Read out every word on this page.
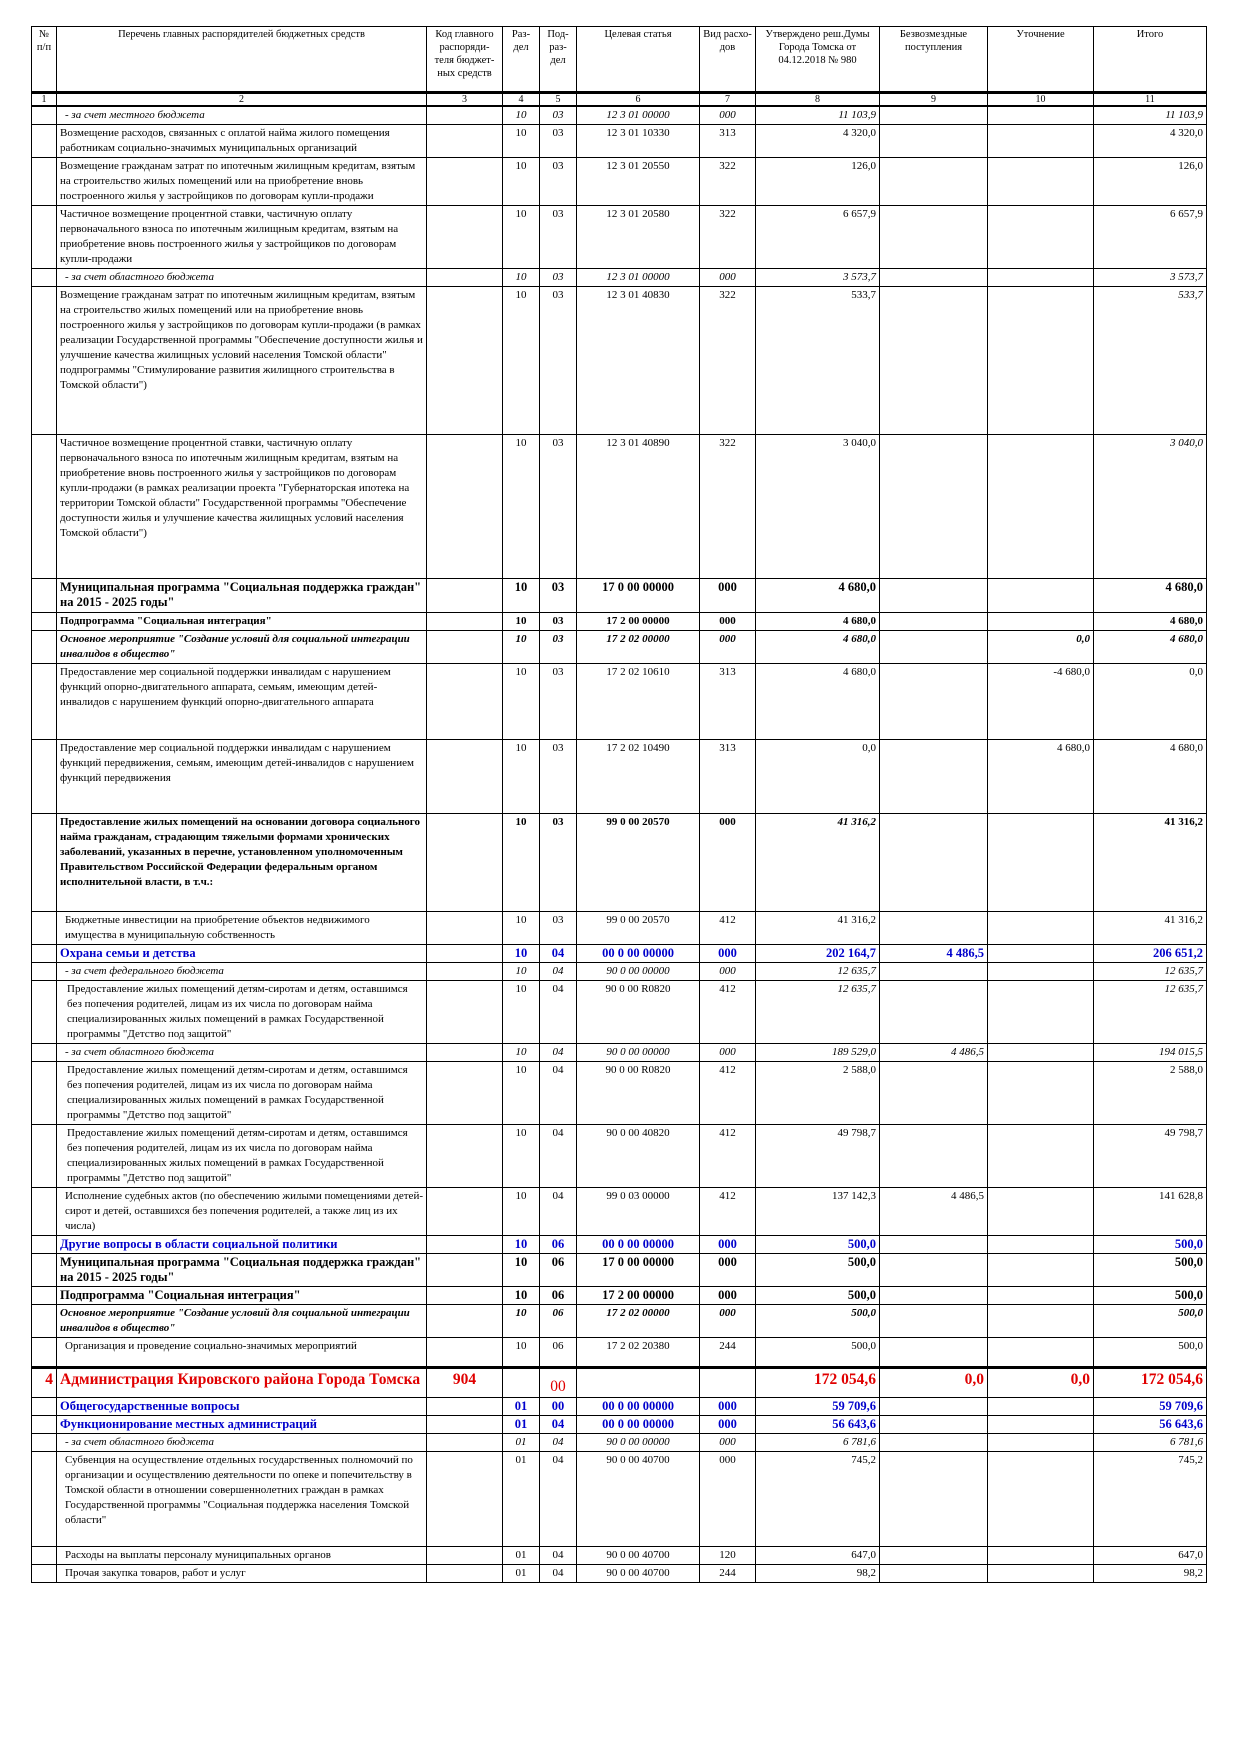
№ п/п	Перечень главных распорядителей бюджетных средств	Код главного распоряди- теля бюджет- ных средств	Раз- дел	Под- раз- дел	Целевая статья	Вид расхо- дов	Утверждено реш.Думы Города Томска от 04.12.2018 № 980	Безвозмездные поступления	Уточнение	Итого
1	2	3	4	5	6	7	8	9	10	11
	- за счет местного бюджета		10	03	12 3 01 00000	000	11 103,9			11 103,9
	Возмещение расходов, связанных с оплатой найма жилого помещения работникам социально-значимых муниципальных организаций		10	03	12 3 01 10330	313	4 320,0			4 320,0
	Возмещение гражданам затрат по ипотечным жилищным кредитам, взятым на строительство жилых помещений или на приобретение вновь построенного жилья у застройщиков по договорам купли-продажи		10	03	12 3 01 20550	322	126,0			126,0
	Частичное возмещение процентной ставки, частичную оплату первоначального взноса по ипотечным жилищным кредитам, взятым на приобретение вновь построенного жилья у застройщиков по договорам купли-продажи		10	03	12 3 01 20580	322	6 657,9			6 657,9
	- за счет областного бюджета		10	03	12 3 01 00000	000	3 573,7			3 573,7
	Возмещение гражданам затрат по ипотечным жилищным кредитам, взятым на строительство жилых помещений или на приобретение вновь построенного жилья у застройщиков по договорам купли-продажи (в рамках реализации Государственной программы "Обеспечение доступности жилья и улучшение качества жилищных условий населения Томской области" подпрограммы "Стимулирование развития жилищного строительства в Томской области")		10	03	12 3 01 40830	322	533,7			533,7
	Частичное возмещение процентной ставки, частичную оплату первоначального взноса по ипотечным жилищным кредитам, взятым на приобретение вновь построенного жилья у застройщиков по договорам купли-продажи (в рамках реализации проекта "Губернаторская ипотека на территории Томской области" Государственной программы "Обеспечение доступности жилья и улучшение качества жилищных условий населения Томской области")		10	03	12 3 01 40890	322	3 040,0			3 040,0
	Муниципальная программа "Социальная поддержка граждан" на 2015 - 2025 годы"		10	03	17 0 00 00000	000	4 680,0			4 680,0
	Подпрограмма "Социальная интеграция"		10	03	17 2 00 00000	000	4 680,0			4 680,0
	Основное мероприятие "Создание условий для социальной интеграции инвалидов в общество"		10	03	17 2 02 00000	000	4 680,0		0,0	4 680,0
	Предоставление мер социальной поддержки инвалидам с нарушением функций опорно-двигательного аппарата, семьям, имеющим детей-инвалидов с нарушением функций опорно-двигательного аппарата		10	03	17 2 02 10610	313	4 680,0		-4 680,0	0,0
	Предоставление мер социальной поддержки инвалидам с нарушением функций передвижения, семьям, имеющим детей-инвалидов с нарушением функций передвижения		10	03	17 2 02 10490	313	0,0		4 680,0	4 680,0
	Предоставление жилых помещений на основании договора социального найма гражданам, страдающим тяжелыми формами хронических заболеваний, указанных в перечне, установленном уполномоченным Правительством Российской Федерации федеральным органом исполнительной власти, в т.ч.:		10	03	99 0 00 20570	000	41 316,2			41 316,2
	Бюджетные инвестиции на приобретение объектов недвижимого имущества в муниципальную собственность		10	03	99 0 00 20570	412	41 316,2			41 316,2
	Охрана семьи и детства		10	04	00 0 00 00000	000	202 164,7	4 486,5		206 651,2
	- за счет федерального бюджета		10	04	90 0 00 00000	000	12 635,7			12 635,7
	Предоставление жилых помещений детям-сиротам и детям, оставшимся без попечения родителей, лицам из их числа по договорам найма специализированных жилых помещений в рамках Государственной программы "Детство под защитой"		10	04	90 0 00 R0820	412	12 635,7			12 635,7
	- за счет областного бюджета		10	04	90 0 00 00000	000	189 529,0	4 486,5		194 015,5
	Предоставление жилых помещений детям-сиротам и детям, оставшимся без попечения родителей, лицам из их числа по договорам найма специализированных жилых помещений в рамках Государственной программы "Детство под защитой"		10	04	90 0 00 R0820	412	2 588,0			2 588,0
	Предоставление жилых помещений детям-сиротам и детям, оставшимся без попечения родителей, лицам из их числа по договорам найма специализированных жилых помещений в рамках Государственной программы "Детство под защитой"		10	04	90 0 00 40820	412	49 798,7			49 798,7
	Исполнение судебных актов (по обеспечению жилыми помещениями детей-сирот и детей, оставшихся без попечения родителей, а также лиц из их числа)		10	04	99 0 03 00000	412	137 142,3	4 486,5		141 628,8
	Другие вопросы в области социальной политики		10	06	00 0 00 00000	000	500,0			500,0
	Муниципальная программа "Социальная поддержка граждан" на 2015 - 2025 годы"		10	06	17 0 00 00000	000	500,0			500,0
	Подпрограмма "Социальная интеграция"		10	06	17 2 00 00000	000	500,0			500,0
	Основное мероприятие "Создание условий для социальной интеграции инвалидов в общество"		10	06	17 2 02 00000	000	500,0			500,0
	Организация и проведение социально-значимых мероприятий		10	06	17 2 02 20380	244	500,0			500,0
4	Администрация Кировского района Города Томска	904		00			172 054,6	0,0	0,0	172 054,6
	Общегосударственные вопросы		01	00	00 0 00 00000	000	59 709,6			59 709,6
	Функционирование местных администраций		01	04	00 0 00 00000	000	56 643,6			56 643,6
	- за счет областного бюджета		01	04	90 0 00 00000	000	6 781,6			6 781,6
	Субвенция на осуществление отдельных государственных полномочий по организации и осуществлению деятельности по опеке и попечительству в Томской области в отношении совершеннолетних граждан в рамках Государственной программы "Социальная поддержка населения Томской области"		01	04	90 0 00 40700	000	745,2			745,2
	Расходы на выплаты персоналу муниципальных органов		01	04	90 0 00 40700	120	647,0			647,0
	Прочая закупка товаров, работ и услуг		01	04	90 0 00 40700	244	98,2			98,2
